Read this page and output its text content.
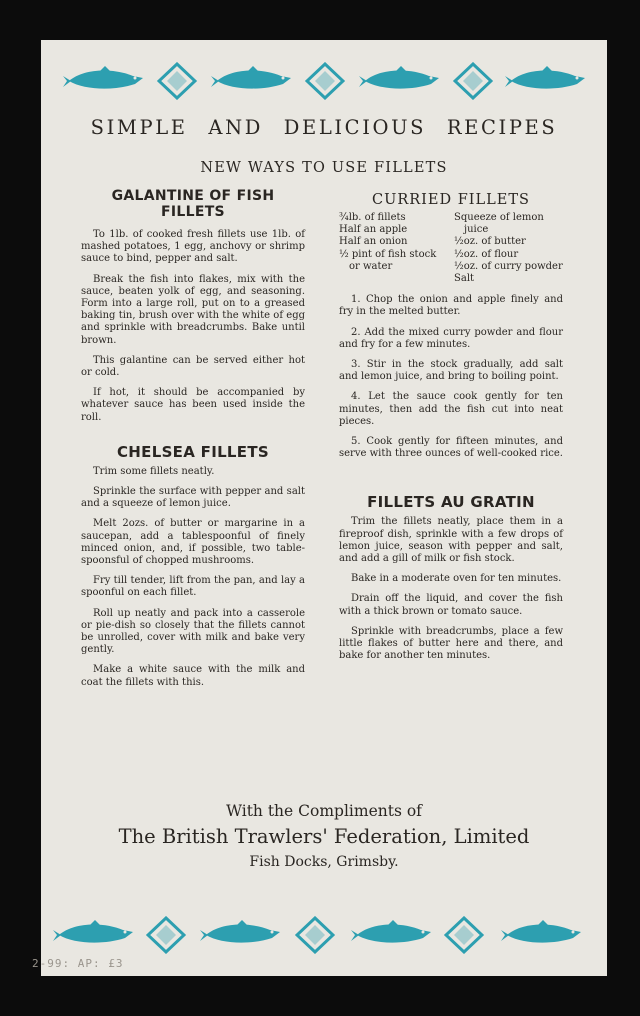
SIMPLE AND DELICIOUS RECIPES
NEW WAYS TO USE FILLETS
GALANTINE OF FISH FILLETS

To 1lb. of cooked fresh fillets use 1lb. of mashed potatoes, 1 egg, anchovy or shrimp sauce to bind, pepper and salt.

Break the fish into flakes, mix with the sauce, beaten yolk of egg, and seasoning. Form into a large roll, put on to a greased baking tin, brush over with the white of egg and sprinkle with breadcrumbs. Bake until brown.

This galantine can be served either hot or cold.

If hot, it should be accompanied by whatever sauce has been used inside the roll.

CHELSEA FILLETS

Trim some fillets neatly.

Sprinkle the surface with pepper and salt and a squeeze of lemon juice.

Melt 2ozs. of butter or margarine in a saucepan, add a tablespoonful of finely minced onion, and, if possible, two table-spoonsful of chopped mushrooms.

Fry till tender, lift from the pan, and lay a spoonful on each fillet.

Roll up neatly and pack into a casserole or pie-dish so closely that the fillets cannot be unrolled, cover with milk and bake very gently.

Make a white sauce with the milk and coat the fillets with this.

CURRIED FILLETS
¾lb. of fillets
Half an apple
Half an onion
½ pint of fish stock
or water
Squeeze of lemon
juice
½oz. of butter
½oz. of flour
½oz. of curry powder
Salt

1. Chop the onion and apple finely and fry in the melted butter.

2. Add the mixed curry powder and flour and fry for a few minutes.

3. Stir in the stock gradually, add salt and lemon juice, and bring to boiling point.

4. Let the sauce cook gently for ten minutes, then add the fish cut into neat pieces.

5. Cook gently for fifteen minutes, and serve with three ounces of well-cooked rice.

FILLETS AU GRATIN

Trim the fillets neatly, place them in a fireproof dish, sprinkle with a few drops of lemon juice, season with pepper and salt, and add a gill of milk or fish stock.

Bake in a moderate oven for ten minutes.

Drain off the liquid, and cover the fish with a thick brown or tomato sauce.

Sprinkle with breadcrumbs, place a few little flakes of butter here and there, and bake for another ten minutes.

With the Compliments of
The British Trawlers' Federation, Limited
Fish Docks, Grimsby.
2-99: AP: £3
